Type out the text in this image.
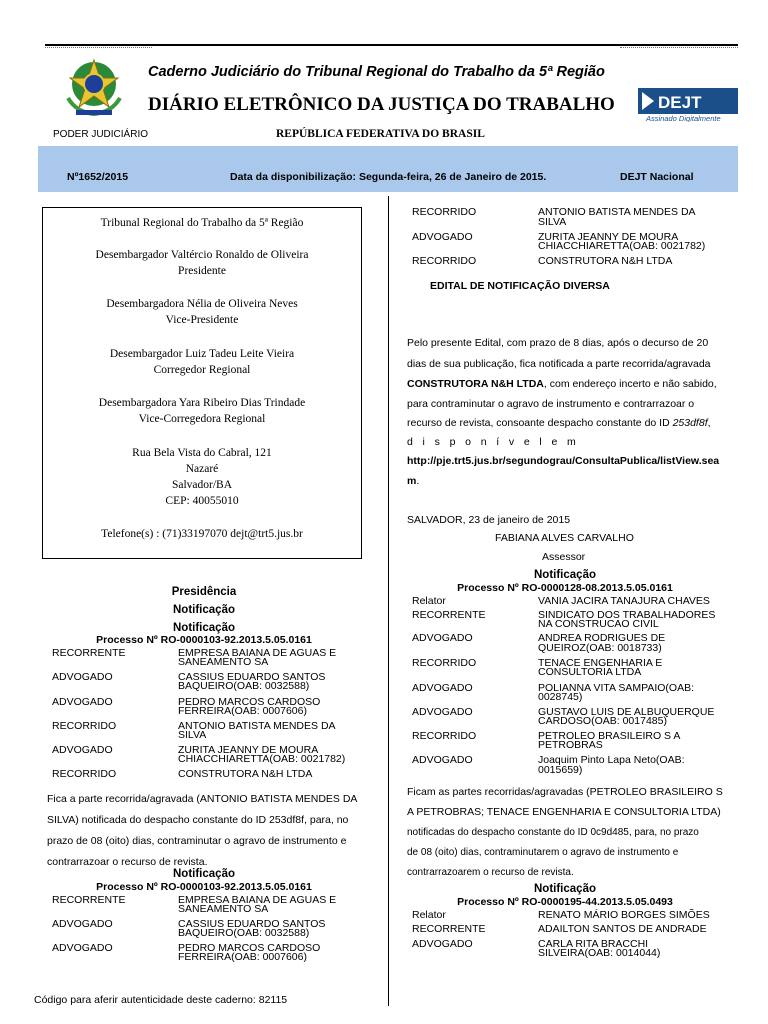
Caderno Judiciário do Tribunal Regional do Trabalho da 5ª Região
DIÁRIO ELETRÔNICO DA JUSTIÇA DO TRABALHO	DEJT
Assinado Digitalmente
PODER JUDICIÁRIO	REPÚBLICA FEDERATIVA DO BRASIL
Nº1652/2015	Data da disponibilização: Segunda-feira, 26 de Janeiro de 2015.	DEJT Nacional
Tribunal Regional do Trabalho da 5ª Região
Desembargador Valtércio Ronaldo de Oliveira
Presidente
Desembargadora Nélia de Oliveira Neves
Vice-Presidente
Desembargador Luiz Tadeu Leite Vieira
Corregedor Regional
Desembargadora Yara Ribeiro Dias Trindade
Vice-Corregedora Regional
Rua Bela Vista do Cabral, 121
Nazaré
Salvador/BA
CEP: 40055010
Telefone(s) : (71)33197070 dejt@trt5.jus.br
Presidência
Notificação
Notificação
Processo Nº RO-0000103-92.2013.5.05.0161
RECORRENTE	EMPRESA BAIANA DE AGUAS E
SANEAMENTO SA
ADVOGADO	CASSIUS EDUARDO SANTOS
BAQUEIRO(OAB: 0032588)
ADVOGADO	PEDRO MARCOS CARDOSO
FERREIRA(OAB: 0007606)
RECORRIDO	ANTONIO BATISTA MENDES DA
SILVA
ADVOGADO	ZURITA JEANNY DE MOURA
CHIACCHIARETTA(OAB: 0021782)
RECORRIDO	CONSTRUTORA N&H LTDA
Fica a parte recorrida/agravada (ANTONIO BATISTA MENDES DA
SILVA) notificada do despacho constante do ID 253df8f, para, no
prazo de 08 (oito) dias, contraminutar o agravo de instrumento e
contrarrazoar o recurso de revista.
Notificação
Processo Nº RO-0000103-92.2013.5.05.0161
RECORRENTE	EMPRESA BAIANA DE AGUAS E
SANEAMENTO SA
ADVOGADO	CASSIUS EDUARDO SANTOS
BAQUEIRO(OAB: 0032588)
ADVOGADO	PEDRO MARCOS CARDOSO
FERREIRA(OAB: 0007606)
RECORRIDO	ANTONIO BATISTA MENDES DA
SILVA
ADVOGADO	ZURITA JEANNY DE MOURA
CHIACCHIARETTA(OAB: 0021782)
RECORRIDO	CONSTRUTORA N&H LTDA
EDITAL DE NOTIFICAÇÃO DIVERSA
Pelo presente Edital, com prazo de 8 dias, após o decurso de 20
dias de sua publicação, fica notificada a parte recorrida/agravada
CONSTRUTORA N&H LTDA, com endereço incerto e não sabido,
para contraminutar o agravo de instrumento e contrarrazoar o
recurso de revista, consoante despacho constante do ID 253df8f,
d i s p o n í v e l e m
http://pje.trt5.jus.br/segundograu/ConsultaPublica/listView.sea
m.
SALVADOR, 23 de janeiro de 2015
FABIANA ALVES CARVALHO
Assessor
Notificação
Processo Nº RO-0000128-08.2013.5.05.0161
Relator	VANIA JACIRA TANAJURA CHAVES
RECORRENTE	SINDICATO DOS TRABALHADORES
NA CONSTRUCAO CIVIL
ADVOGADO	ANDREA RODRIGUES DE
QUEIROZ(OAB: 0018733)
RECORRIDO	TENACE ENGENHARIA E
CONSULTORIA LTDA
ADVOGADO	POLIANNA VITA SAMPAIO(OAB:
0028745)
ADVOGADO	GUSTAVO LUIS DE ALBUQUERQUE
CARDOSO(OAB: 0017485)
RECORRIDO	PETROLEO BRASILEIRO S A
PETROBRAS
ADVOGADO	Joaquim Pinto Lapa Neto(OAB:
0015659)
Ficam as partes recorridas/agravadas (PETROLEO BRASILEIRO S
A PETROBRAS; TENACE ENGENHARIA E CONSULTORIA LTDA)
notificadas do despacho constante do ID 0c9d485, para, no prazo
de 08 (oito) dias, contraminutarem o agravo de instrumento e
contrarrazoarem o recurso de revista.
Notificação
Processo Nº RO-0000195-44.2013.5.05.0493
Relator	RENATO MÁRIO BORGES SIMÕES
RECORRENTE	ADAILTON SANTOS DE ANDRADE
ADVOGADO	CARLA RITA BRACCHI
SILVEIRA(OAB: 0014044)
Código para aferir autenticidade deste caderno: 82115
